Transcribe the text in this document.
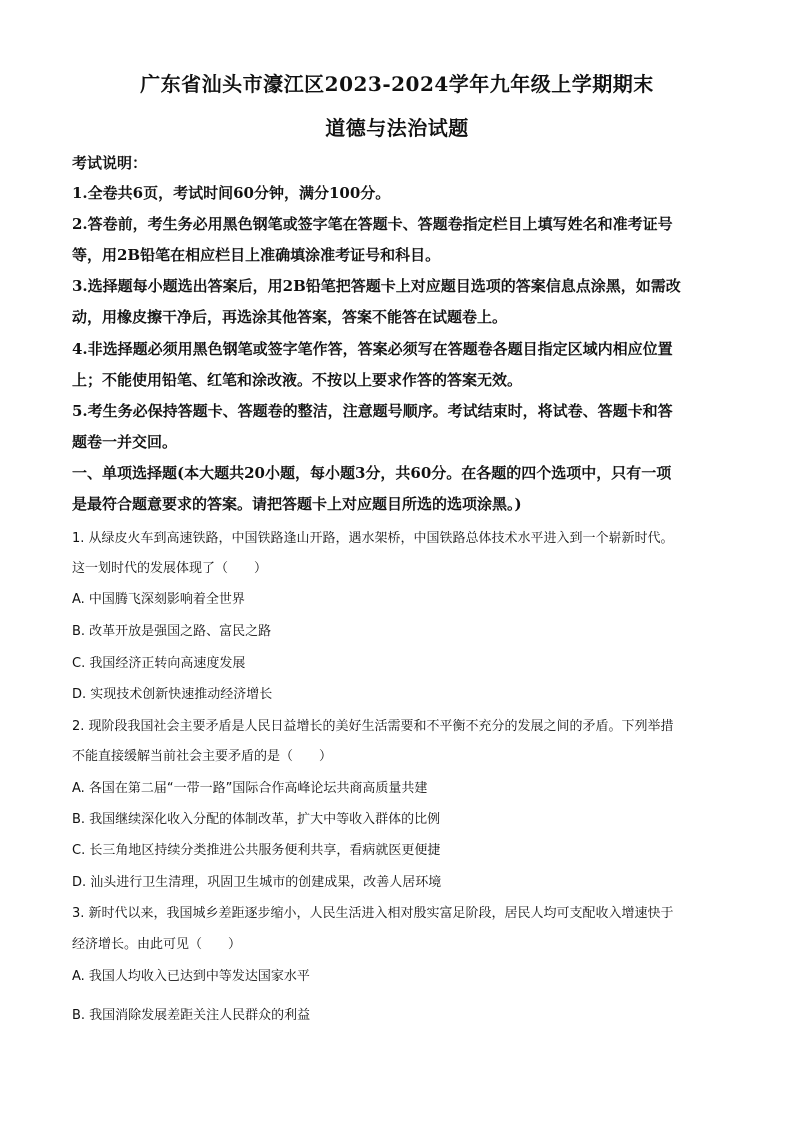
广东省汕头市濠江区2023-2024学年九年级上学期期末
道德与法治试题
考试说明：
1.全卷共6页，考试时间60分钟，满分100分。
2.答卷前，考生务必用黑色钢笔或签字笔在答题卡、答题卷指定栏目上填写姓名和准考证号
等，用2B铅笔在相应栏目上准确填涂准考证号和科目。
3.选择题每小题选出答案后，用2B铅笔把答题卡上对应题目选项的答案信息点涂黑，如需改
动，用橡皮擦干净后，再选涂其他答案，答案不能答在试题卷上。
4.非选择题必须用黑色钢笔或签字笔作答，答案必须写在答题卷各题目指定区域内相应位置
上；不能使用铅笔、红笔和涂改液。不按以上要求作答的答案无效。
5.考生务必保持答题卡、答题卷的整洁，注意题号顺序。考试结束时，将试卷、答题卡和答
题卷一并交回。
一、单项选择题(本大题共20小题，每小题3分，共60分。在各题的四个选项中，只有一项
是最符合题意要求的答案。请把答题卡上对应题目所选的选项涂黑。)
1. 从绿皮火车到高速铁路，中国铁路逢山开路，遇水架桥，中国铁路总体技术水平进入到一个崭新时代。
这一划时代的发展体现了（　　）
A. 中国腾飞深刻影响着全世界
B. 改革开放是强国之路、富民之路
C. 我国经济正转向高速度发展
D. 实现技术创新快速推动经济增长
2. 现阶段我国社会主要矛盾是人民日益增长的美好生活需要和不平衡不充分的发展之间的矛盾。下列举措
不能直接缓解当前社会主要矛盾的是（　　）
A. 各国在第二届“一带一路”国际合作高峰论坛共商高质量共建
B. 我国继续深化收入分配的体制改革，扩大中等收入群体的比例
C. 长三角地区持续分类推进公共服务便利共享，看病就医更便捷
D. 汕头进行卫生清理，巩固卫生城市的创建成果，改善人居环境
3. 新时代以来，我国城乡差距逐步缩小，人民生活进入相对殷实富足阶段，居民人均可支配收入增速快于
经济增长。由此可见（　　）
A. 我国人均收入已达到中等发达国家水平
B. 我国消除发展差距关注人民群众的利益
